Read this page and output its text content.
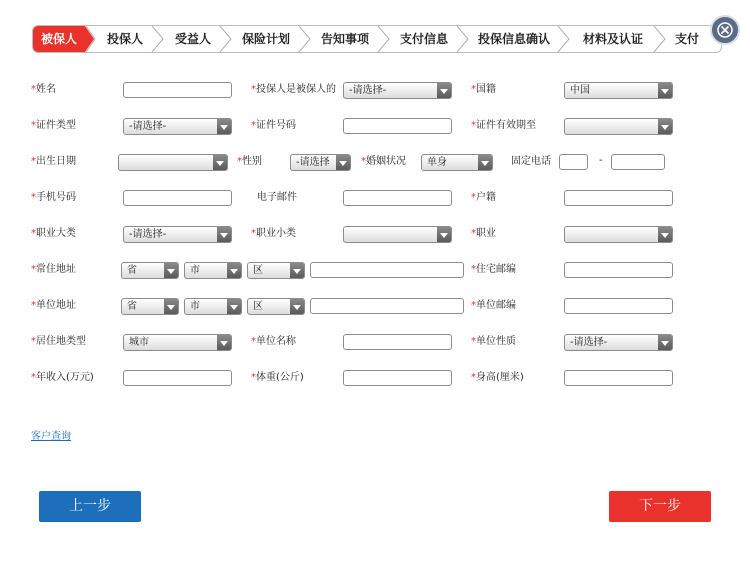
被保人	投保人	受益人	保险计划	告知事项	支付信息	投保信息确认	材料及认证	支付
*姓名	*投保人是被保人的	-请选择-	*国籍	中国
*证件类型	-请选择-	*证件号码	*证件有效期至
*出生日期	*性别	-请选择	*婚姻状况	单身	固定电话	-
*手机号码	电子邮件	*户籍
*职业大类	-请选择-	*职业小类	*职业
*常住地址	省	市	区	*住宅邮编
*单位地址	省	市	区	*单位邮编
*居住地类型	城市	*单位名称	*单位性质	-请选择-
*年收入(万元)	*体重(公斤)	*身高(厘米)
客户查询
上一步	下一步
